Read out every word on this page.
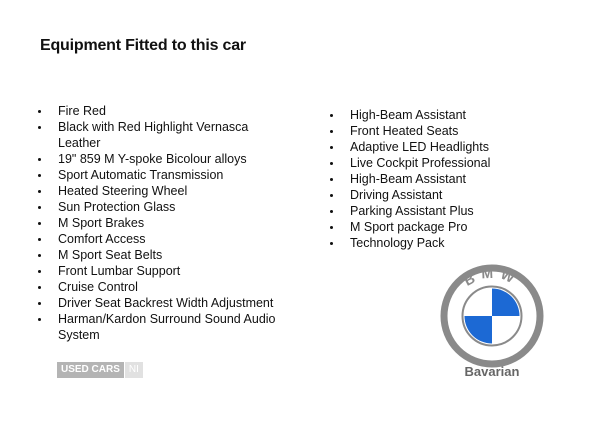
Equipment Fitted to this car
Fire Red
Black with Red Highlight Vernasca Leather
19" 859 M Y-spoke Bicolour alloys
Sport Automatic Transmission
Heated Steering Wheel
Sun Protection Glass
M Sport Brakes
Comfort Access
M Sport Seat Belts
Front Lumbar Support
Cruise Control
Driver Seat Backrest Width Adjustment
Harman/Kardon Surround Sound Audio System
High-Beam Assistant
Front Heated Seats
Adaptive LED Headlights
Live Cockpit Professional
High-Beam Assistant
Driving Assistant
Parking Assistant Plus
M Sport package Pro
Technology Pack
USED CARS NI
BMW
Bavarian
